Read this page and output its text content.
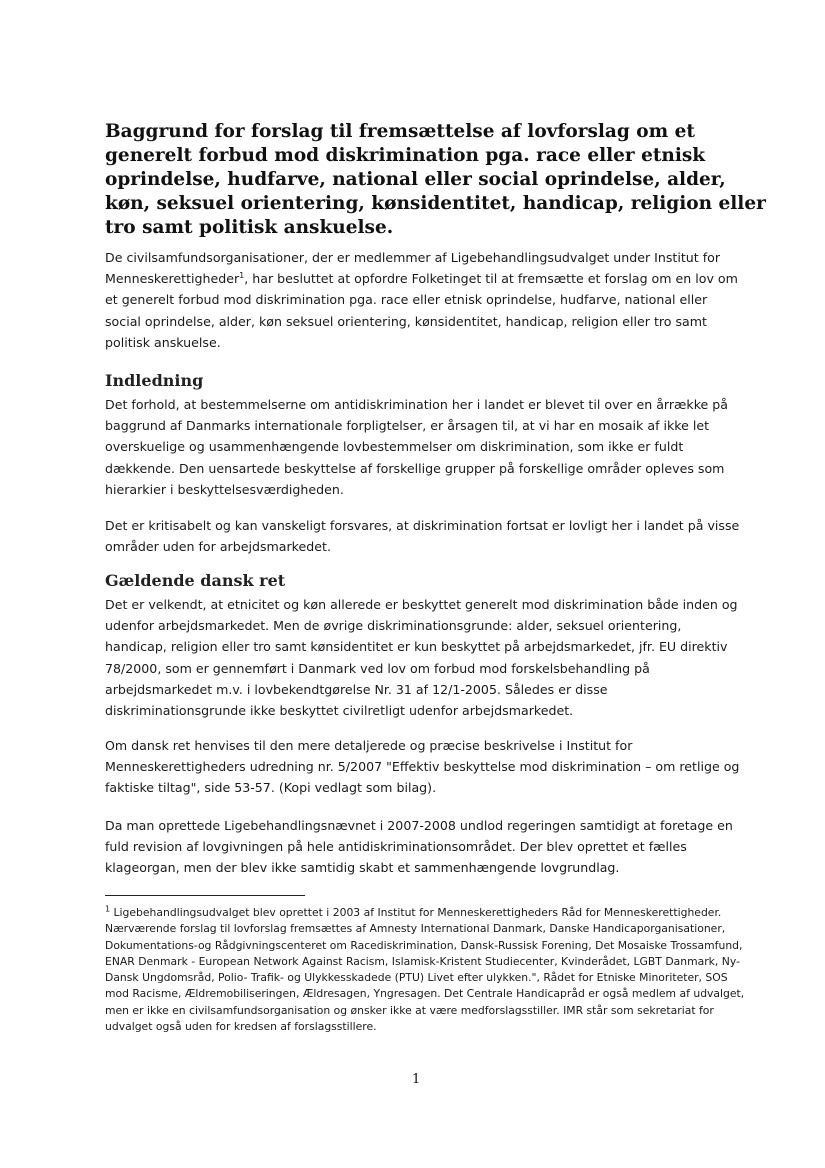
Baggrund for forslag til fremsættelse af lovforslag om et generelt forbud mod diskrimination pga. race eller etnisk oprindelse, hudfarve, national eller social oprindelse, alder, køn, seksuel orientering, kønsidentitet, handicap, religion eller tro samt politisk anskuelse.

De civilsamfundsorganisationer, der er medlemmer af Ligebehandlingsudvalget under Institut for Menneskerettigheder$^1$, har besluttet at opfordre Folketinget til at fremsætte et forslag om en lov om et generelt forbud mod diskrimination pga. race eller etnisk oprindelse, hudfarve, national eller social oprindelse, alder, køn seksuel orientering, kønsidentitet, handicap, religion eller tro samt politisk anskuelse.

Indledning

Det forhold, at bestemmelserne om antidiskrimination her i landet er blevet til over en årrække på baggrund af Danmarks internationale forpligtelser, er årsagen til, at vi har en mosaik af ikke let overskuelige og usammenhængende lovbestemmelser om diskrimination, som ikke er fuldt dækkende. Den uensartede beskyttelse af forskellige grupper på forskellige områder opleves som hierarkier i beskyttelsesværdigheden.

Det er kritisabelt og kan vanskeligt forsvares, at diskrimination fortsat er lovligt her i landet på visse områder uden for arbejdsmarkedet.

Gældende dansk ret

Det er velkendt, at etnicitet og køn allerede er beskyttet generelt mod diskrimination både inden og udenfor arbejdsmarkedet. Men de øvrige diskriminationsgrunde: alder, seksuel orientering, handicap, religion eller tro samt kønsidentitet er kun beskyttet på arbejdsmarkedet, jfr. EU direktiv 78/2000, som er gennemført i Danmark ved lov om forbud mod forskelsbehandling på arbejdsmarkedet m.v. i lovbekendtgørelse Nr. 31 af 12/1-2005. Således er disse diskriminationsgrunde ikke beskyttet civilretligt udenfor arbejdsmarkedet.

Om dansk ret henvises til den mere detaljerede og præcise beskrivelse i Institut for Menneskerettigheders udredning nr. 5/2007 "Effektiv beskyttelse mod diskrimination – om retlige og faktiske tiltag", side 53-57. (Kopi vedlagt som bilag).

Da man oprettede Ligebehandlingsnævnet i 2007-2008 undlod regeringen samtidigt at foretage en fuld revision af lovgivningen på hele antidiskriminationsområdet. Der blev oprettet et fælles klageorgan, men der blev ikke samtidig skabt et sammenhængende lovgrundlag.

$^1$ Ligebehandlingsudvalget blev oprettet i 2003 af Institut for Menneskerettigheders Råd for Menneskerettigheder. Nærværende forslag til lovforslag fremsættes af Amnesty International Danmark, Danske Handicaporganisationer, Dokumentations-og Rådgivningscenteret om Racediskrimination, Dansk-Russisk Forening, Det Mosaiske Trossamfund, ENAR Denmark - European Network Against Racism, Islamisk-Kristent Studiecenter, Kvinderådet, LGBT Danmark, Ny-Dansk Ungdomsråd, Polio- Trafik- og Ulykkesskadede (PTU) Livet efter ulykken.", Rådet for Etniske Minoriteter, SOS mod Racisme, Ældremobiliseringen, Ældresagen, Yngresagen. Det Centrale Handicapråd er også medlem af udvalget, men er ikke en civilsamfundsorganisation og ønsker ikke at være medforslagsstiller. IMR står som sekretariat for udvalget også uden for kredsen af forslagsstillere.

1
